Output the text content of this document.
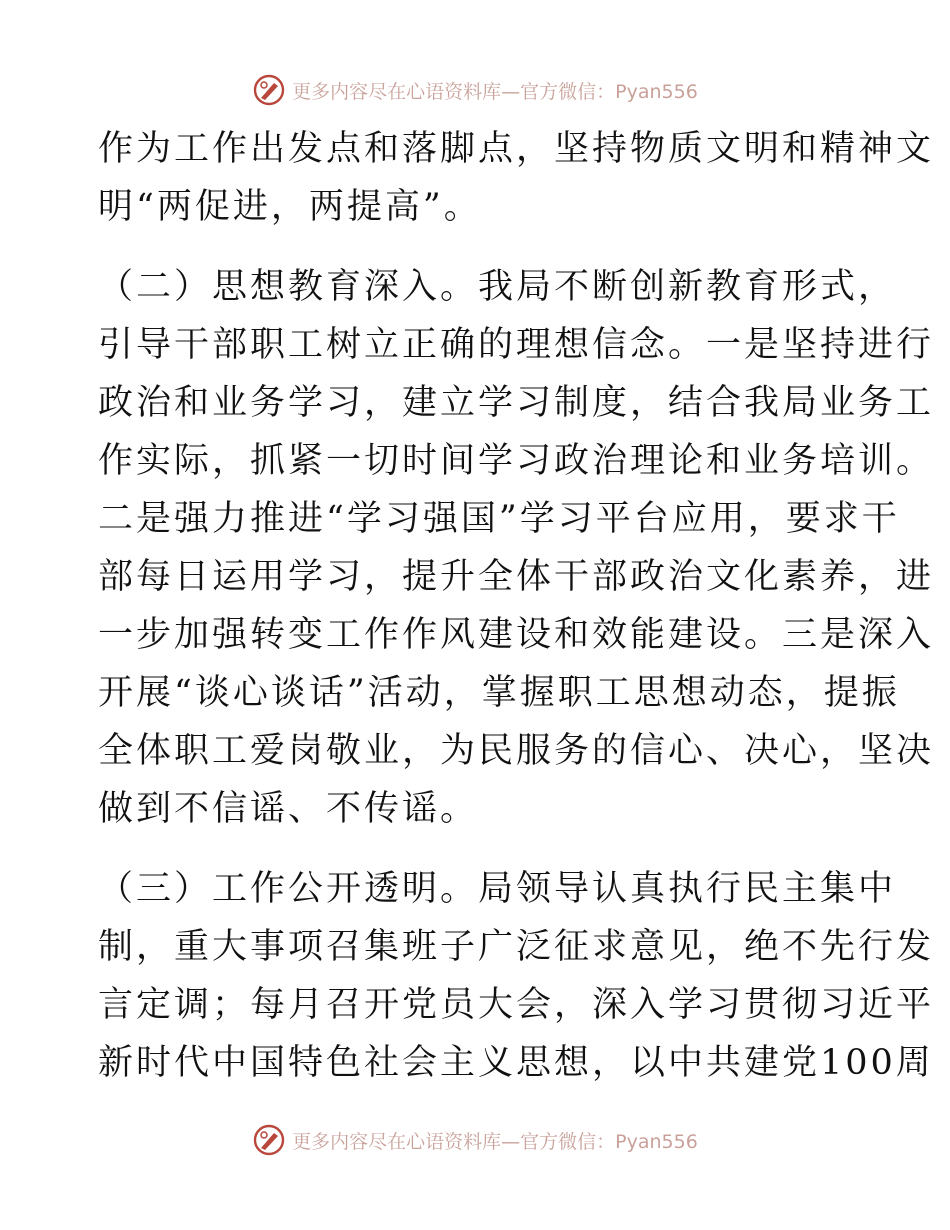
更多内容尽在心语资料库—官方微信：Pyan556
作为工作出发点和落脚点，坚持物质文明和精神文
明“两促进，两提高”。
（二）思想教育深入。我局不断创新教育形式，
引导干部职工树立正确的理想信念。一是坚持进行
政治和业务学习，建立学习制度，结合我局业务工
作实际，抓紧一切时间学习政治理论和业务培训。
二是强力推进“学习强国”学习平台应用，要求干
部每日运用学习，提升全体干部政治文化素养，进
一步加强转变工作作风建设和效能建设。三是深入
开展“谈心谈话”活动，掌握职工思想动态，提振
全体职工爱岗敬业，为民服务的信心、决心，坚决
做到不信谣、不传谣。
（三）工作公开透明。局领导认真执行民主集中
制，重大事项召集班子广泛征求意见，绝不先行发
言定调；每月召开党员大会，深入学习贯彻习近平
新时代中国特色社会主义思想，以中共建党100周
更多内容尽在心语资料库—官方微信：Pyan556
